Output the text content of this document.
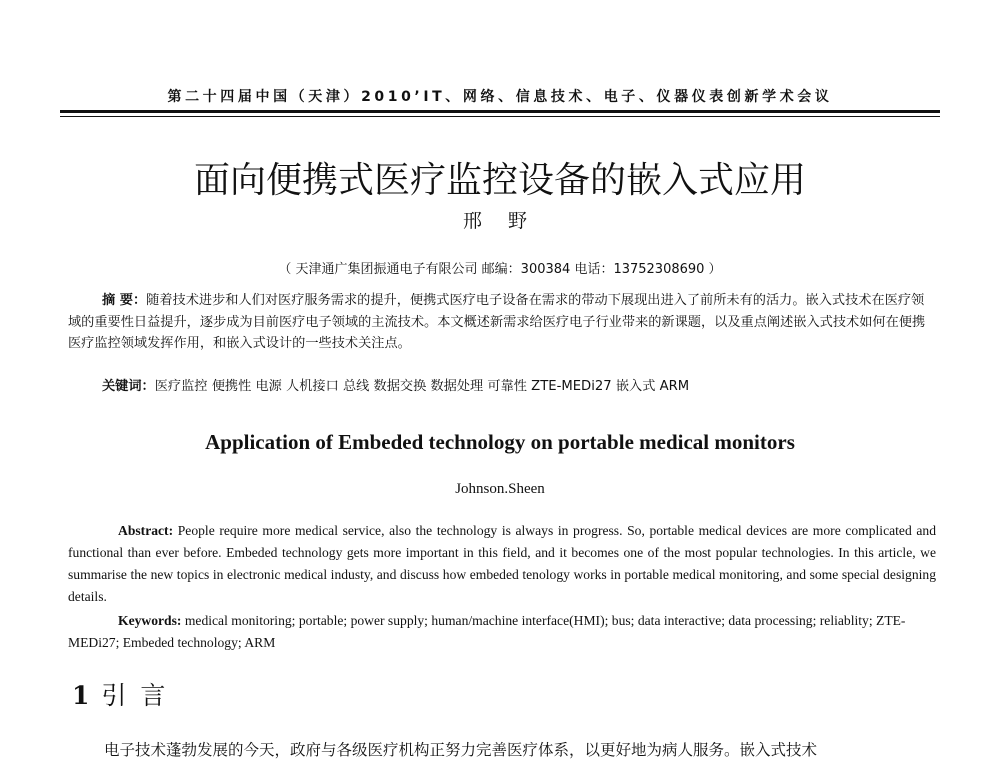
第二十四届中国（天津）2010’IT、网络、信息技术、电子、仪器仪表创新学术会议
面向便携式医疗监控设备的嵌入式应用
邢 野
（ 天津通广集团振通电子有限公司 邮编：300384 电话：13752308690 ）

摘 要：随着技术进步和人们对医疗服务需求的提升，便携式医疗电子设备在需求的带动下展现出进入了前所未有的活力。嵌入式技术在医疗领域的重要性日益提升，逐步成为目前医疗电子领域的主流技术。本文概述新需求给医疗电子行业带来的新课题，以及重点阐述嵌入式技术如何在便携医疗监控领域发挥作用，和嵌入式设计的一些技术关注点。

关键词：医疗监控 便携性 电源 人机接口 总线 数据交换 数据处理 可靠性 ZTE-MEDi27 嵌入式 ARM

Application of Embeded technology on portable medical monitors
Johnson.Sheen

Abstract: People require more medical service, also the technology is always in progress. So, portable medical devices are more complicated and functional than ever before. Embeded technology gets more important in this field, and it becomes one of the most popular technologies. In this article, we summarise the new topics in electronic medical industy, and discuss how embeded tenology works in portable medical monitoring, and some special designing details.

Keywords: medical monitoring; portable; power supply; human/machine interface(HMI); bus; data interactive; data processing; reliablity; ZTE-MEDi27; Embeded technology; ARM

1 引言

电子技术蓬勃发展的今天，政府与各级医疗机构正努力完善医疗体系，以更好地为病人服务。嵌入式技术
